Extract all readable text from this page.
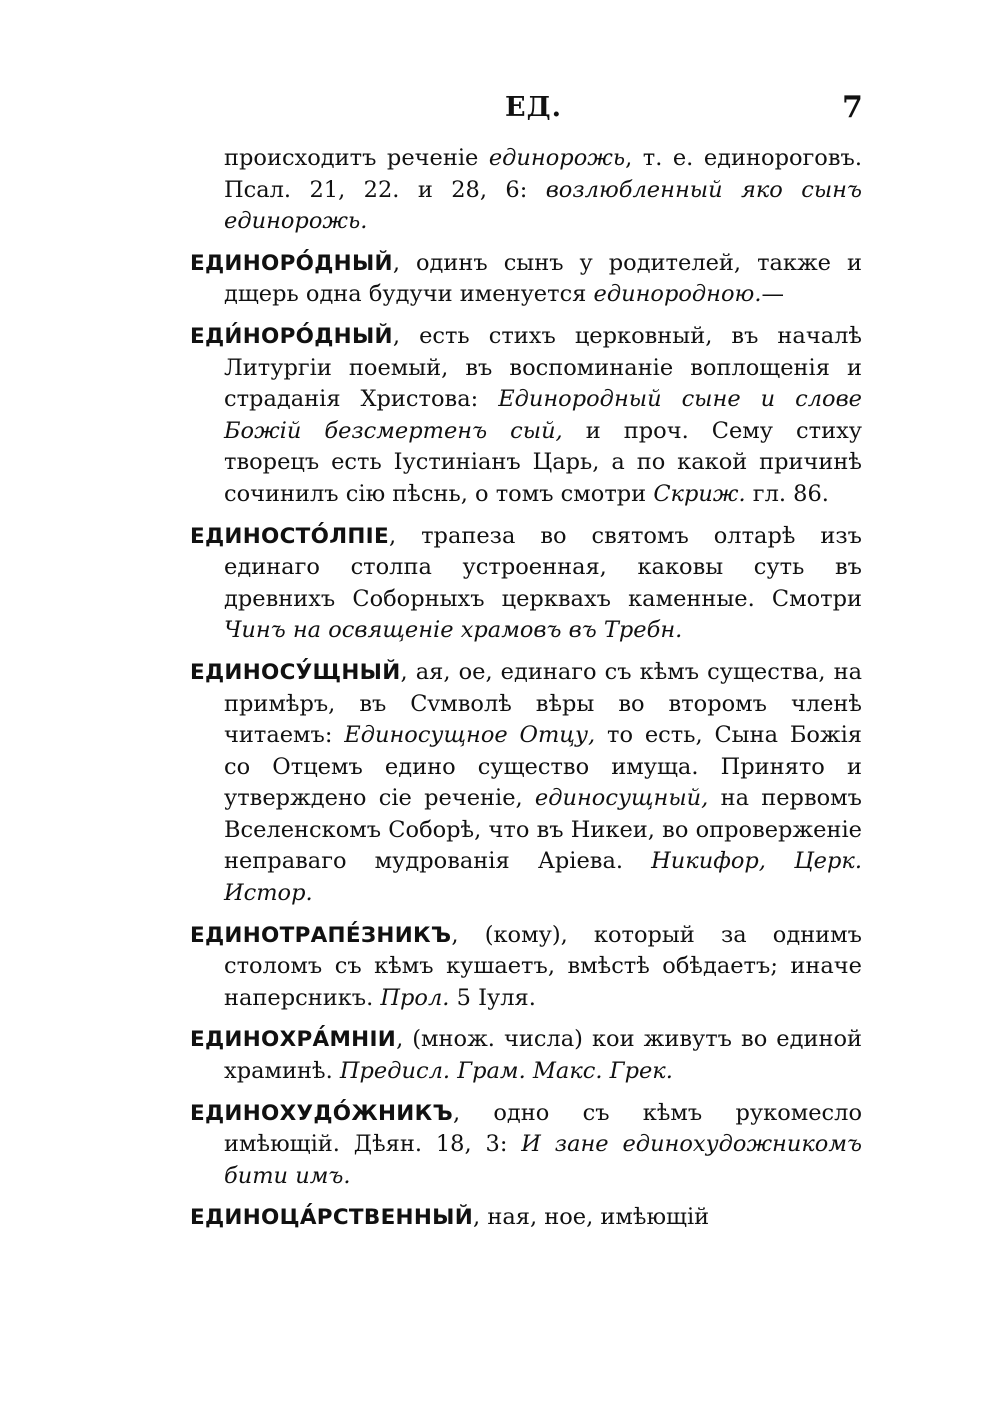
ЕД.	7

происходитъ реченіе единорожь, т. е. единороговъ. Псал. 21, 22. и 28, 6: возлюбленный яко сынъ единорожь.

ЕДИНОРО́ДНЫЙ, одинъ сынъ у родителей, также и дщерь одна будучи именуется единородною.—

ЕДИ́НОРО́ДНЫЙ, есть стихъ церковный, въ началѣ Литургіи поемый, въ воспоминаніе воплощенія и страданія Христова: Единородный сыне и слове Божій безсмертенъ сый, и проч. Сему стиху творецъ есть Іустиніанъ Царь, а по какой причинѣ сочинилъ сію пѣснь, о томъ смотри Скриж. гл. 86.

ЕДИНОСТО́ЛПІЕ, трапеза во святомъ олтарѣ изъ единаго столпа устроенная, каковы суть въ древнихъ Соборныхъ церквахъ каменные. Смотри Чинъ на освященіе храмовъ въ Требн.

ЕДИНОСУ́ЩНЫЙ, ая, ое, единаго съ кѣмъ существа, на примѣръ, въ Сvмволѣ вѣры во второмъ членѣ читаемъ: Единосущное Отцу, то есть, Сына Божія со Отцемъ едино существо имуща. Принято и утверждено сіе реченіе, единосущный, на первомъ Вселенскомъ Соборѣ, что въ Никеи, во опроверженіе неправаго мудрованія Аріева. Никифор, Церк. Истор.

ЕДИНОТРАПЕ́ЗНИКЪ, (кому), который за однимъ столомъ съ кѣмъ кушаетъ, вмѣстѣ обѣдаетъ; иначе наперсникъ. Прол. 5 Іуля.

ЕДИНОХРА́МНІИ, (множ. числа) кои живутъ во единой храминѣ. Предисл. Грам. Макс. Грек.

ЕДИНОХУДО́ЖНИКЪ, одно съ кѣмъ рукомесло имѣющій. Дѣян. 18, 3: И зане единохудожникомъ бити имъ.

ЕДИНОЦА́РСТВЕННЫЙ, ная, ное, имѣющій
